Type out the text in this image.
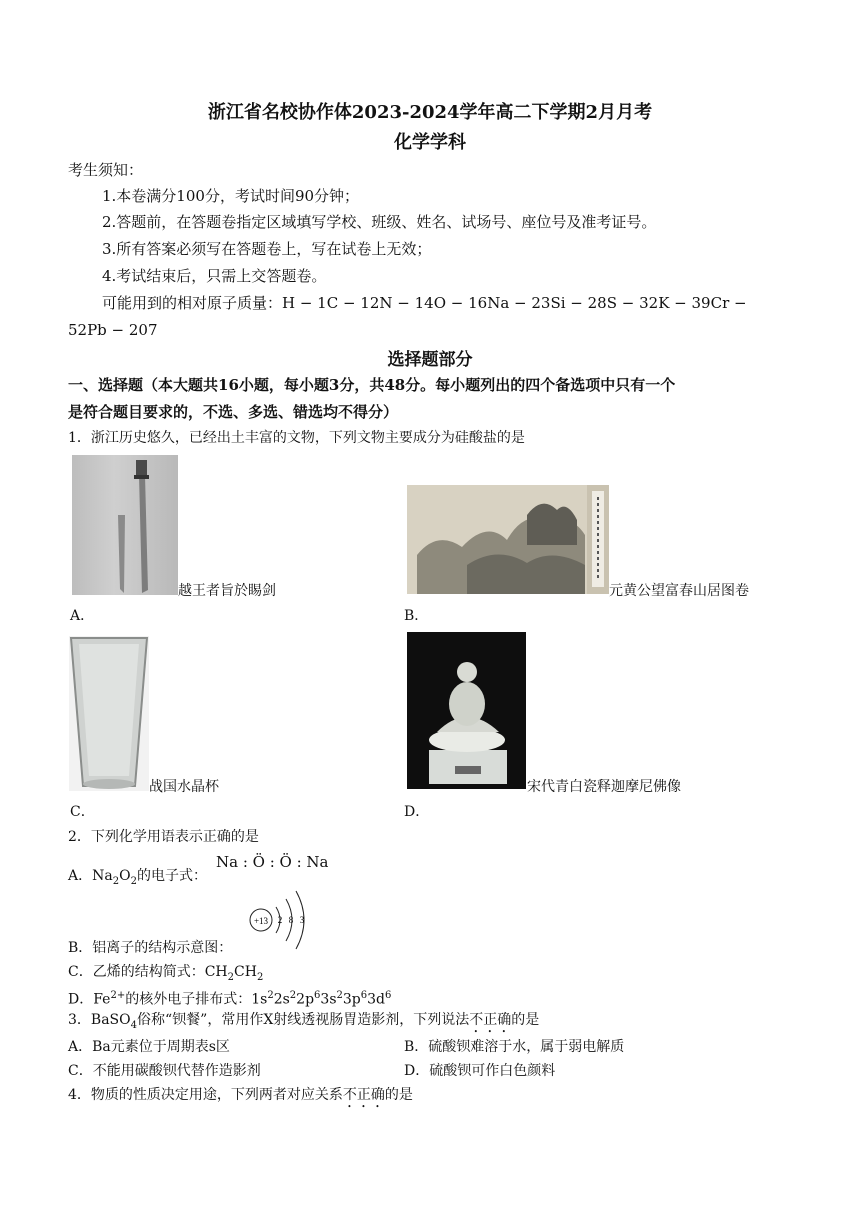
浙江省名校协作体2023-2024学年高二下学期2月月考
化学学科
考生须知：
1.本卷满分100分，考试时间90分钟；
2.答题前，在答题卷指定区域填写学校、班级、姓名、试场号、座位号及准考证号。
3.所有答案必须写在答题卷上，写在试卷上无效；
4.考试结束后，只需上交答题卷。
可能用到的相对原子质量：H − 1C − 12N − 14O − 16Na − 23Si − 28S − 32K − 39Cr −
52Pb − 207
选择题部分
一、选择题（本大题共16小题，每小题3分，共48分。每小题列出的四个备选项中只有一个
是符合题目要求的，不选、多选、错选均不得分）
1．浙江历史悠久，已经出土丰富的文物，下列文物主要成分为硅酸盐的是
越王者旨於睗剑
A．
元黄公望富春山居图卷
B．
战国水晶杯
C．
宋代青白瓷释迦摩尼佛像
D．
2．下列化学用语表示正确的是
A．$Na_2O_2$的电子式：
Na : Ö : Ö : Na
B．铝离子的结构示意图：
+13 2 8 3
C．乙烯的结构简式：$CH_2CH_2$
D．$Fe^{2+}$的核外电子排布式：$1s^22s^22p^63s^23p^63d^6$
3．BaSO$_4$俗称“钡餐”，常用作X射线透视肠胃造影剂，下列说法不正确的是
A．Ba元素位于周期表s区	B．硫酸钡难溶于水，属于弱电解质
C．不能用碳酸钡代替作造影剂	D．硫酸钡可作白色颜料
4．物质的性质决定用途，下列两者对应关系不正确的是
